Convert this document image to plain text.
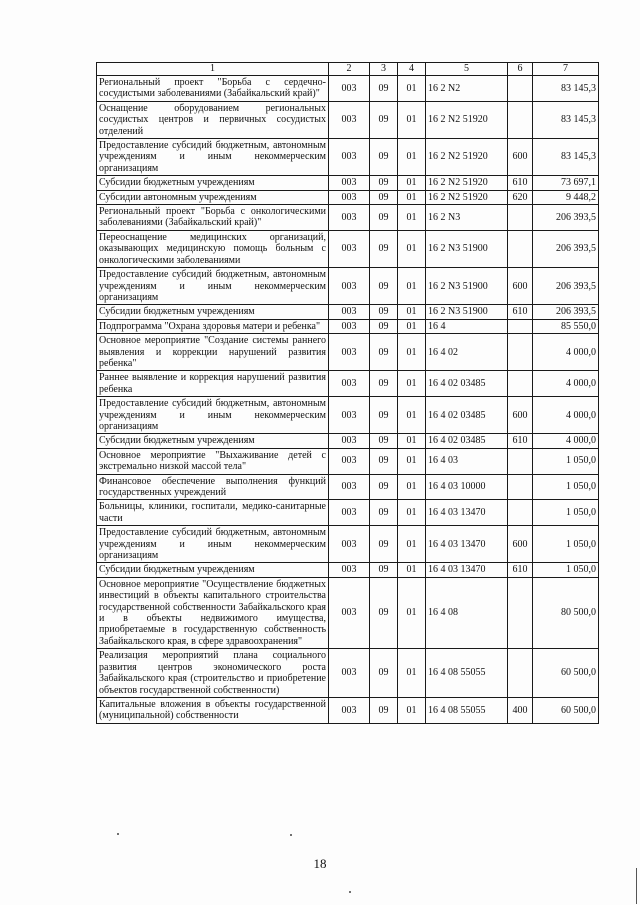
1	2	3	4	5	6	7
Региональный проект "Борьба с сердечно-сосудистыми заболеваниями (Забайкальский край)"	003	09	01	16 2 N2		83 145,3
Оснащение оборудованием региональных сосудистых центров и первичных сосудистых отделений	003	09	01	16 2 N2 51920		83 145,3
Предоставление субсидий бюджетным, автономным учреждениям и иным некоммерческим организациям	003	09	01	16 2 N2 51920	600	83 145,3
Субсидии бюджетным учреждениям	003	09	01	16 2 N2 51920	610	73 697,1
Субсидии автономным учреждениям	003	09	01	16 2 N2 51920	620	9 448,2
Региональный проект "Борьба с онкологическими заболеваниями (Забайкальский край)"	003	09	01	16 2 N3		206 393,5
Переоснащение медицинских организаций, оказывающих медицинскую помощь больным с онкологическими заболеваниями	003	09	01	16 2 N3 51900		206 393,5
Предоставление субсидий бюджетным, автономным учреждениям и иным некоммерческим организациям	003	09	01	16 2 N3 51900	600	206 393,5
Субсидии бюджетным учреждениям	003	09	01	16 2 N3 51900	610	206 393,5
Подпрограмма "Охрана здоровья матери и ребенка"	003	09	01	16 4		85 550,0
Основное мероприятие "Создание системы раннего выявления и коррекции нарушений развития ребенка"	003	09	01	16 4 02		4 000,0
Раннее выявление и коррекция нарушений развития ребенка	003	09	01	16 4 02 03485		4 000,0
Предоставление субсидий бюджетным, автономным учреждениям и иным некоммерческим организациям	003	09	01	16 4 02 03485	600	4 000,0
Субсидии бюджетным учреждениям	003	09	01	16 4 02 03485	610	4 000,0
Основное мероприятие "Выхаживание детей с экстремально низкой массой тела"	003	09	01	16 4 03		1 050,0
Финансовое обеспечение выполнения функций государственных учреждений	003	09	01	16 4 03 10000		1 050,0
Больницы, клиники, госпитали, медико-санитарные части	003	09	01	16 4 03 13470		1 050,0
Предоставление субсидий бюджетным, автономным учреждениям и иным некоммерческим организациям	003	09	01	16 4 03 13470	600	1 050,0
Субсидии бюджетным учреждениям	003	09	01	16 4 03 13470	610	1 050,0
Основное мероприятие "Осуществление бюджетных инвестиций в объекты капитального строительства государственной собственности Забайкальского края и в объекты недвижимого имущества, приобретаемые в государственную собственность Забайкальского края, в сфере здравоохранения"	003	09	01	16 4 08		80 500,0
Реализация мероприятий плана социального развития центров экономического роста Забайкальского края (строительство и приобретение объектов государственной собственности)	003	09	01	16 4 08 55055		60 500,0
Капитальные вложения в объекты государственной (муниципальной) собственности	003	09	01	16 4 08 55055	400	60 500,0
18
